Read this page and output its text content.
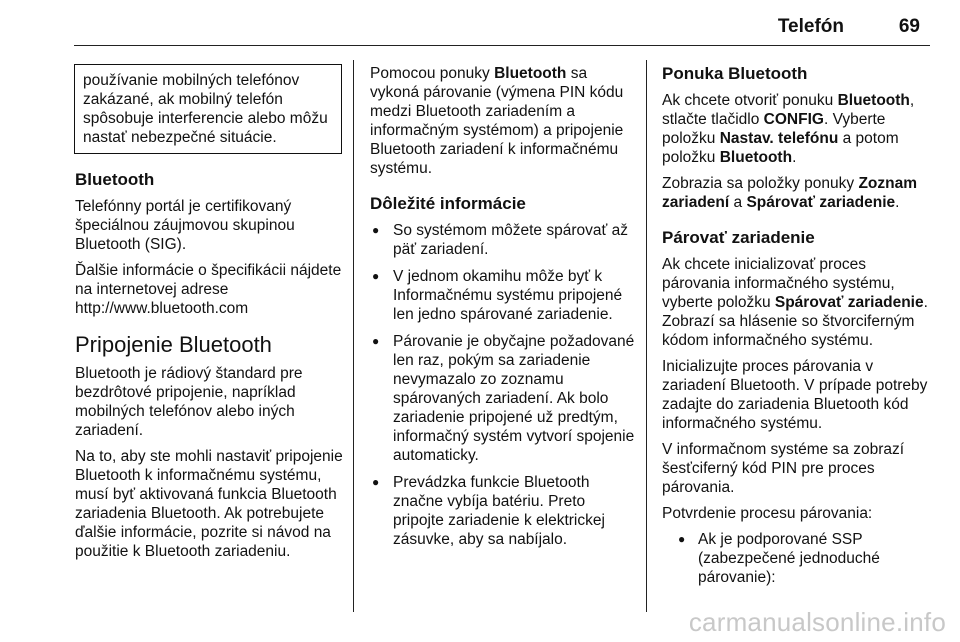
Telefón	69
používanie mobilných telefónov zakázané, ak mobilný telefón spôsobuje interferencie alebo môžu nastať nebezpečné situácie.
Bluetooth

Telefónny portál je certifikovaný špeciálnou záujmovou skupinou Bluetooth (SIG).

Ďalšie informácie o špecifikácii nájdete na internetovej adrese http://www.bluetooth.com

Pripojenie Bluetooth

Bluetooth je rádiový štandard pre bezdrôtové pripojenie, napríklad mobilných telefónov alebo iných zariadení.

Na to, aby ste mohli nastaviť pripojenie Bluetooth k informačnému systému, musí byť aktivovaná funkcia Bluetooth zariadenia Bluetooth. Ak potrebujete ďalšie informácie, pozrite si návod na použitie k Bluetooth zariadeniu.

Pomocou ponuky Bluetooth sa vykoná párovanie (výmena PIN kódu medzi Bluetooth zariadením a informačným systémom) a pripojenie Bluetooth zariadení k informačnému systému.

Dôležité informácie
● So systémom môžete spárovať až päť zariadení.
● V jednom okamihu môže byť k Informačnému systému pripojené len jedno spárované zariadenie.
● Párovanie je obyčajne požadované len raz, pokým sa zariadenie nevymazalo zo zoznamu spárovaných zariadení. Ak bolo zariadenie pripojené už predtým, informačný systém vytvorí spojenie automaticky.
● Prevádzka funkcie Bluetooth značne vybíja batériu. Preto pripojte zariadenie k elektrickej zásuvke, aby sa nabíjalo.
Ponuka Bluetooth

Ak chcete otvoriť ponuku Bluetooth, stlačte tlačidlo CONFIG. Vyberte položku Nastav. telefónu a potom položku Bluetooth.

Zobrazia sa položky ponuky Zoznam zariadení a Spárovať zariadenie.

Párovať zariadenie

Ak chcete inicializovať proces párovania informačného systému, vyberte položku Spárovať zariadenie. Zobrazí sa hlásenie so štvorciferným kódom informačného systému.

Inicializujte proces párovania v zariadení Bluetooth. V prípade potreby zadajte do zariadenia Bluetooth kód informačného systému.

V informačnom systéme sa zobrazí šesťciferný kód PIN pre proces párovania.

Potvrdenie procesu párovania:

● Ak je podporované SSP (zabezpečené jednoduché párovanie):
carmanualsonline.info
